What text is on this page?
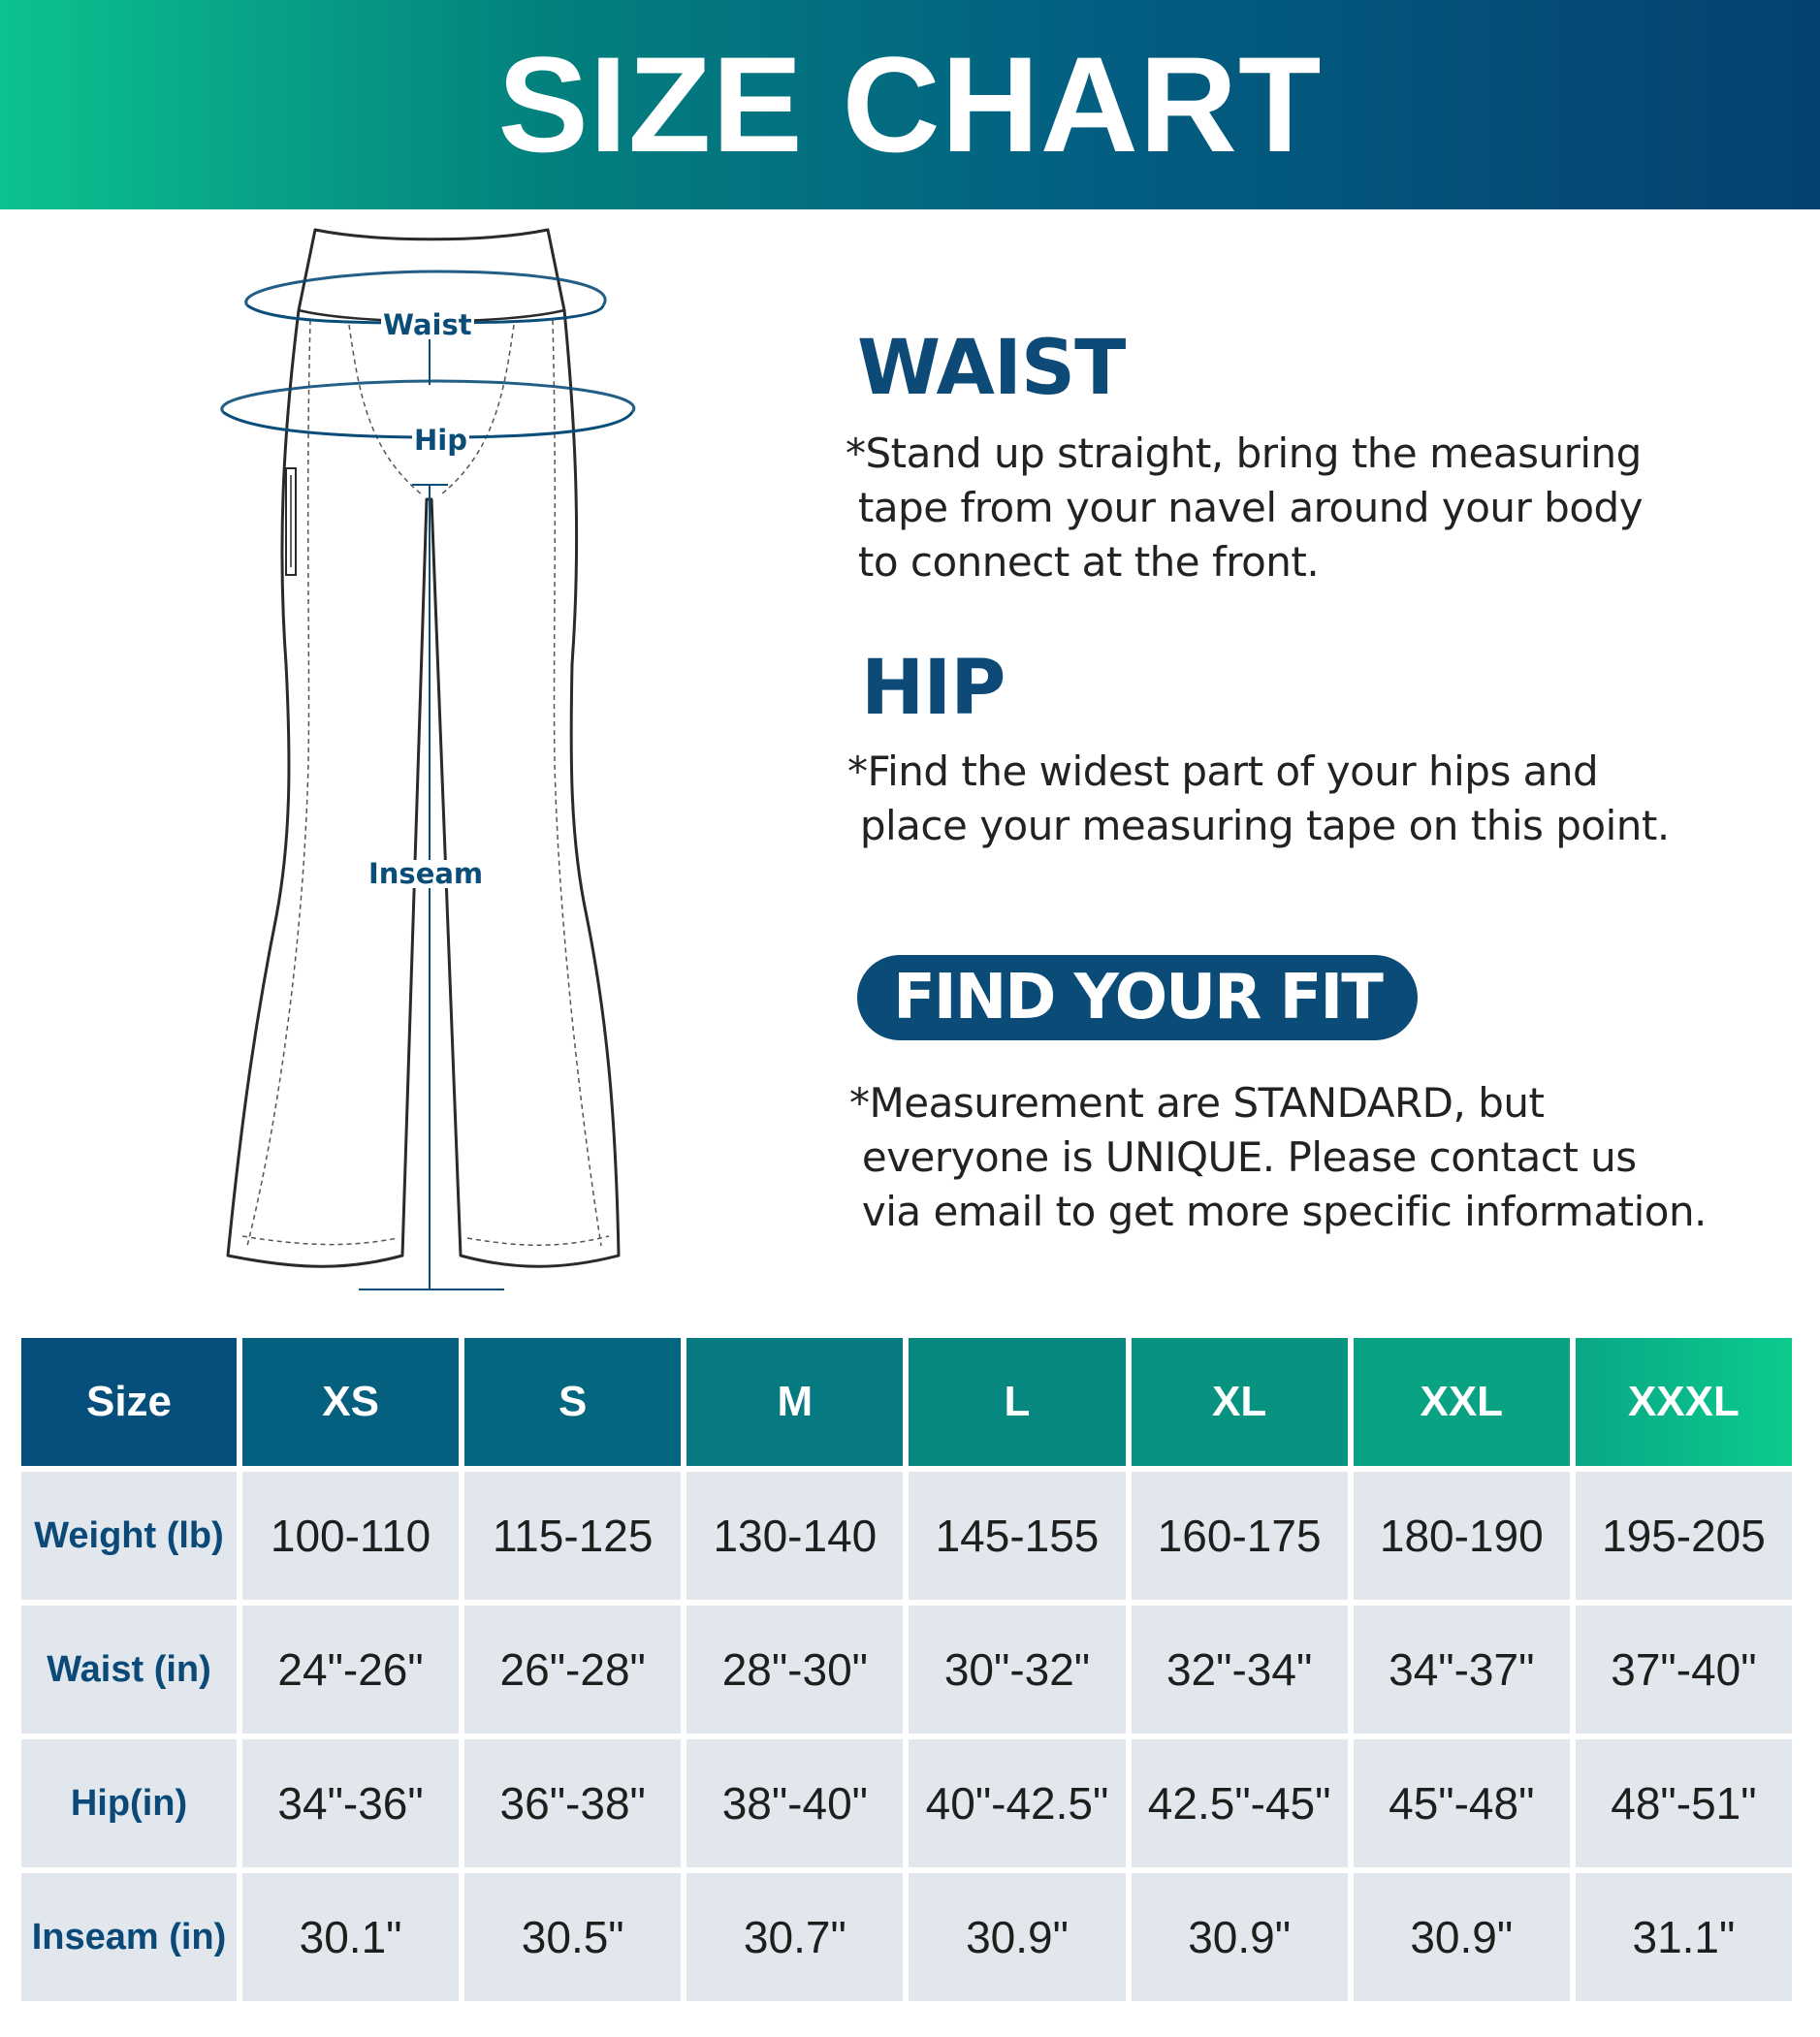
SIZE CHART
Waist
Hip
Inseam
WAIST

*Stand up straight, bring the measuring
tape from your navel around your body
to connect at the front.

HIP

*Find the widest part of your hips and
place your measuring tape on this point.

FIND YOUR FIT

*Measurement are STANDARD, but
everyone is UNIQUE. Please contact us
via email to get more specific information.

Size	XS	S	M	L	XL	XXL	XXXL
Weight (lb)	100-110	115-125	130-140	145-155	160-175	180-190	195-205
Waist (in)	24"-26"	26"-28"	28"-30"	30"-32"	32"-34"	34"-37"	37"-40"
Hip(in)	34"-36"	36"-38"	38"-40"	40"-42.5"	42.5"-45"	45"-48"	48"-51"
Inseam (in)	30.1"	30.5"	30.7"	30.9"	30.9"	30.9"	31.1"
